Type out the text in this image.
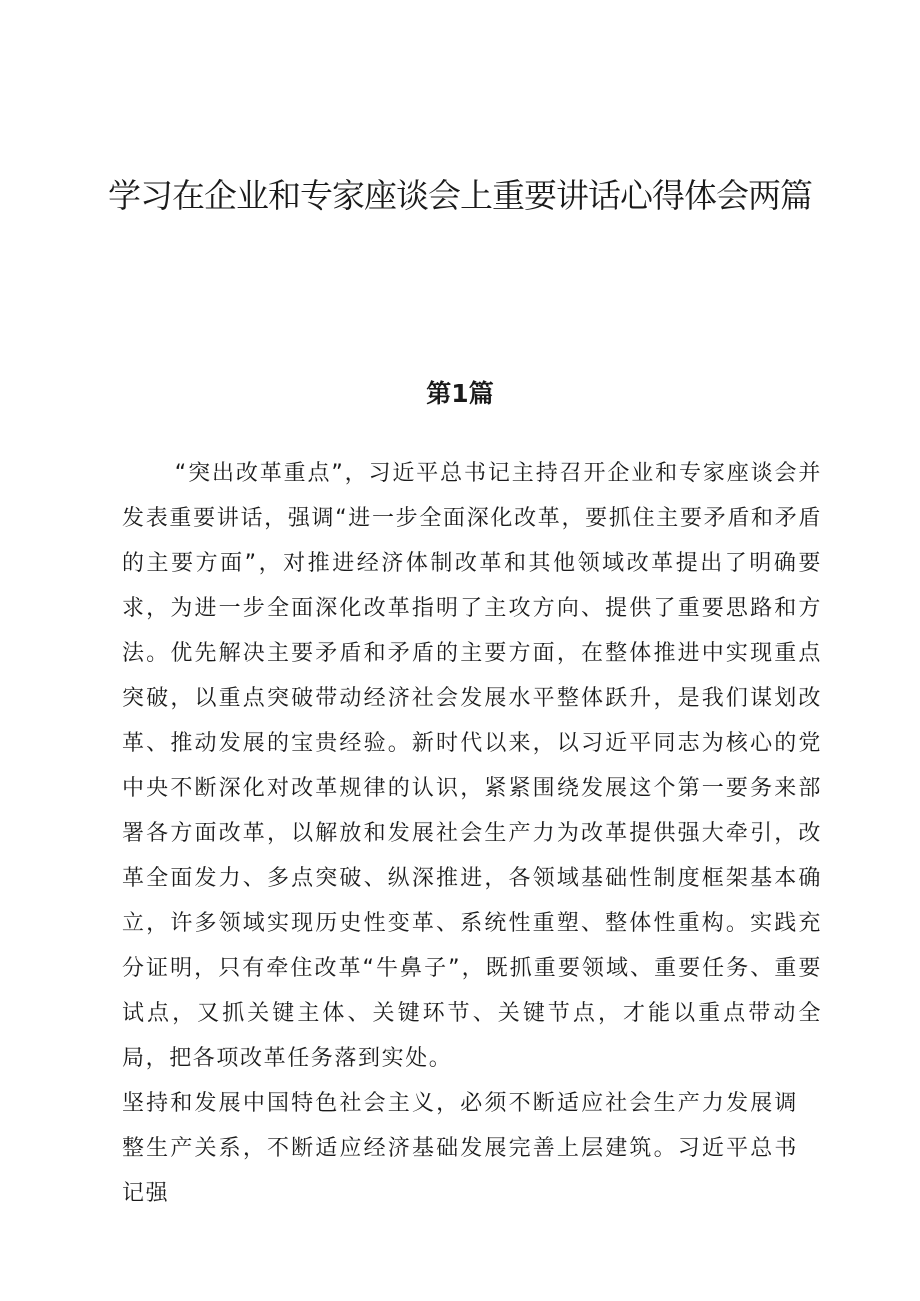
学习在企业和专家座谈会上重要讲话心得体会两篇
第1篇

“突出改革重点”，习近平总书记主持召开企业和专家座谈会并发表重要讲话，强调“进一步全面深化改革，要抓住主要矛盾和矛盾的主要方面”，对推进经济体制改革和其他领域改革提出了明确要求，为进一步全面深化改革指明了主攻方向、提供了重要思路和方法。优先解决主要矛盾和矛盾的主要方面，在整体推进中实现重点突破，以重点突破带动经济社会发展水平整体跃升，是我们谋划改革、推动发展的宝贵经验。新时代以来，以习近平同志为核心的党中央不断深化对改革规律的认识，紧紧围绕发展这个第一要务来部署各方面改革，以解放和发展社会生产力为改革提供强大牵引，改革全面发力、多点突破、纵深推进，各领域基础性制度框架基本确立，许多领域实现历史性变革、系统性重塑、整体性重构。实践充分证明，只有牵住改革“牛鼻子”，既抓重要领域、重要任务、重要试点，又抓关键主体、关键环节、关键节点，才能以重点带动全局，把各项改革任务落到实处。

坚持和发展中国特色社会主义，必须不断适应社会生产力发展调整生产关系，不断适应经济基础发展完善上层建筑。习近平总书记强
